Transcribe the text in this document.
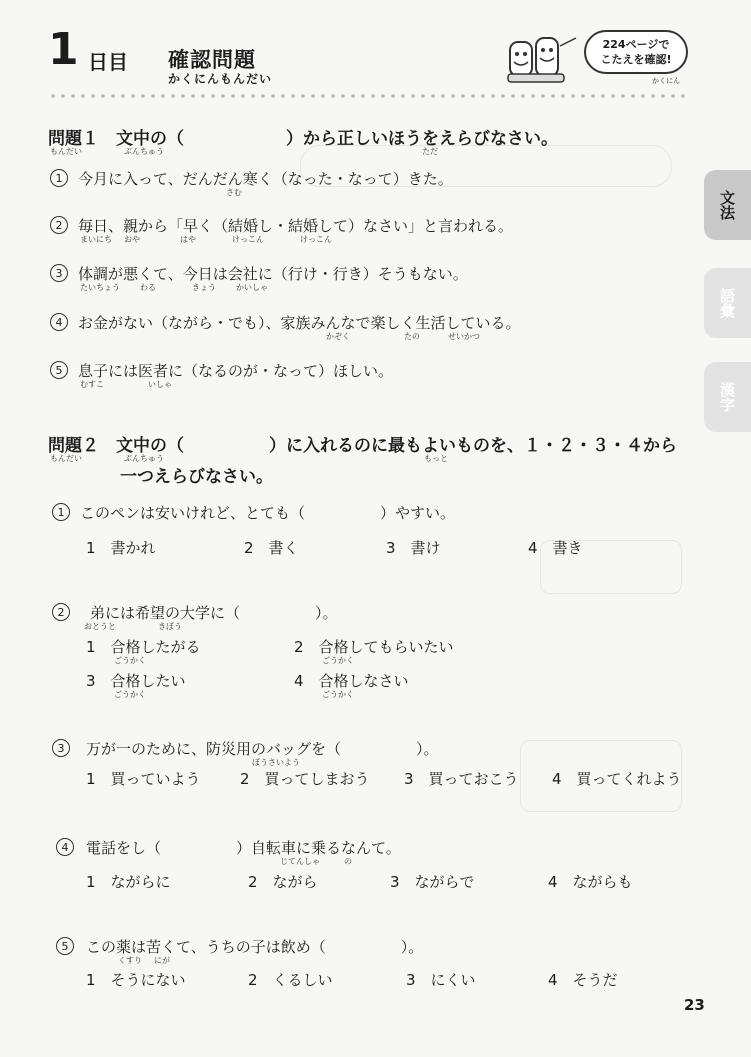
1 日目 確認問題
かくにんもんだい
224ページで
こたえを確認!
かくにん
文法
語彙
漢字
問題１　文中の（　　　　　　）から正しいほうをえらびなさい。
もんだい	ぶんちゅう	ただ
1	今月に入って、だんだん寒く（なった・なって）きた。
さむ
2	毎日、親から「早く（結婚し・結婚して）なさい」と言われる。
まいにち おや	はや	けっこん	けっこん
3	体調が悪くて、今日は会社に（行け・行き）そうもない。
たいちょう	わる	きょう	かいしゃ
4	お金がない（ながら・でも）、家族みんなで楽しく生活している。
かぞく	たの	せいかつ
5	息子には医者に（なるのが・なって）ほしい。
むすこ	いしゃ
問題２　文中の（　　　　　）に入れるのに最もよいものを、１・２・３・４から
もんだい	ぶんちゅう	もっと
一つえらびなさい。
1	このペンは安いけれど、とても（　　　　　）やすい。
1　書かれ	2　書く	3　書け	4　書き
2	弟には希望の大学に（　　　　　）。
おとうと	きぼう
1　合格したがる
ごうかく
2　合格してもらいたい
ごうかく
3　合格したい
ごうかく
4　合格しなさい
ごうかく
3	万が一のために、防災用のバッグを（　　　　　）。
ぼうさいよう
1　買っていよう	2　買ってしまおう 3　買っておこう 4　買ってくれよう
4	電話をし（　　　　　）自転車に乗るなんて。
じてんしゃ	の
1　ながらに	2　ながら	3　ながらで	4　ながらも
5	この薬は苦くて、うちの子は飲め（　　　　　）。
くすり にが
1　そうにない	2　くるしい	3　にくい	4　そうだ
23
